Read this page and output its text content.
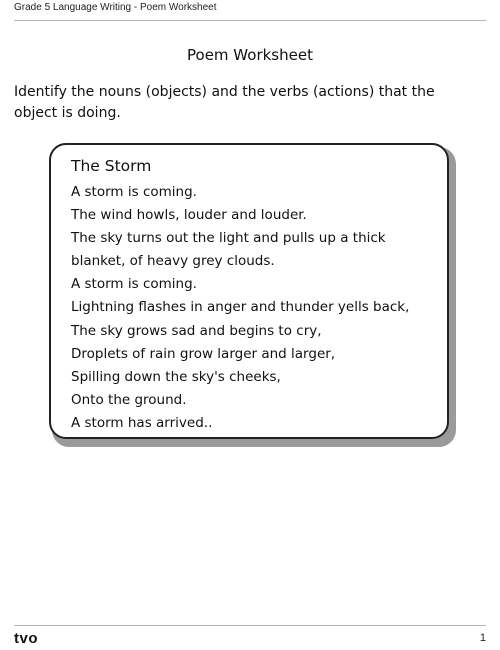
Grade 5 Language Writing - Poem Worksheet
Poem Worksheet
Identify the nouns (objects) and the verbs (actions) that the object is doing.
The Storm
A storm is coming.
The wind howls, louder and louder.
The sky turns out the light and pulls up a thick
blanket, of heavy grey clouds.
A storm is coming.
Lightning flashes in anger and thunder yells back,
The sky grows sad and begins to cry,
Droplets of rain grow larger and larger,
Spilling down the sky's cheeks,
Onto the ground.
A storm has arrived..
tvo	1
